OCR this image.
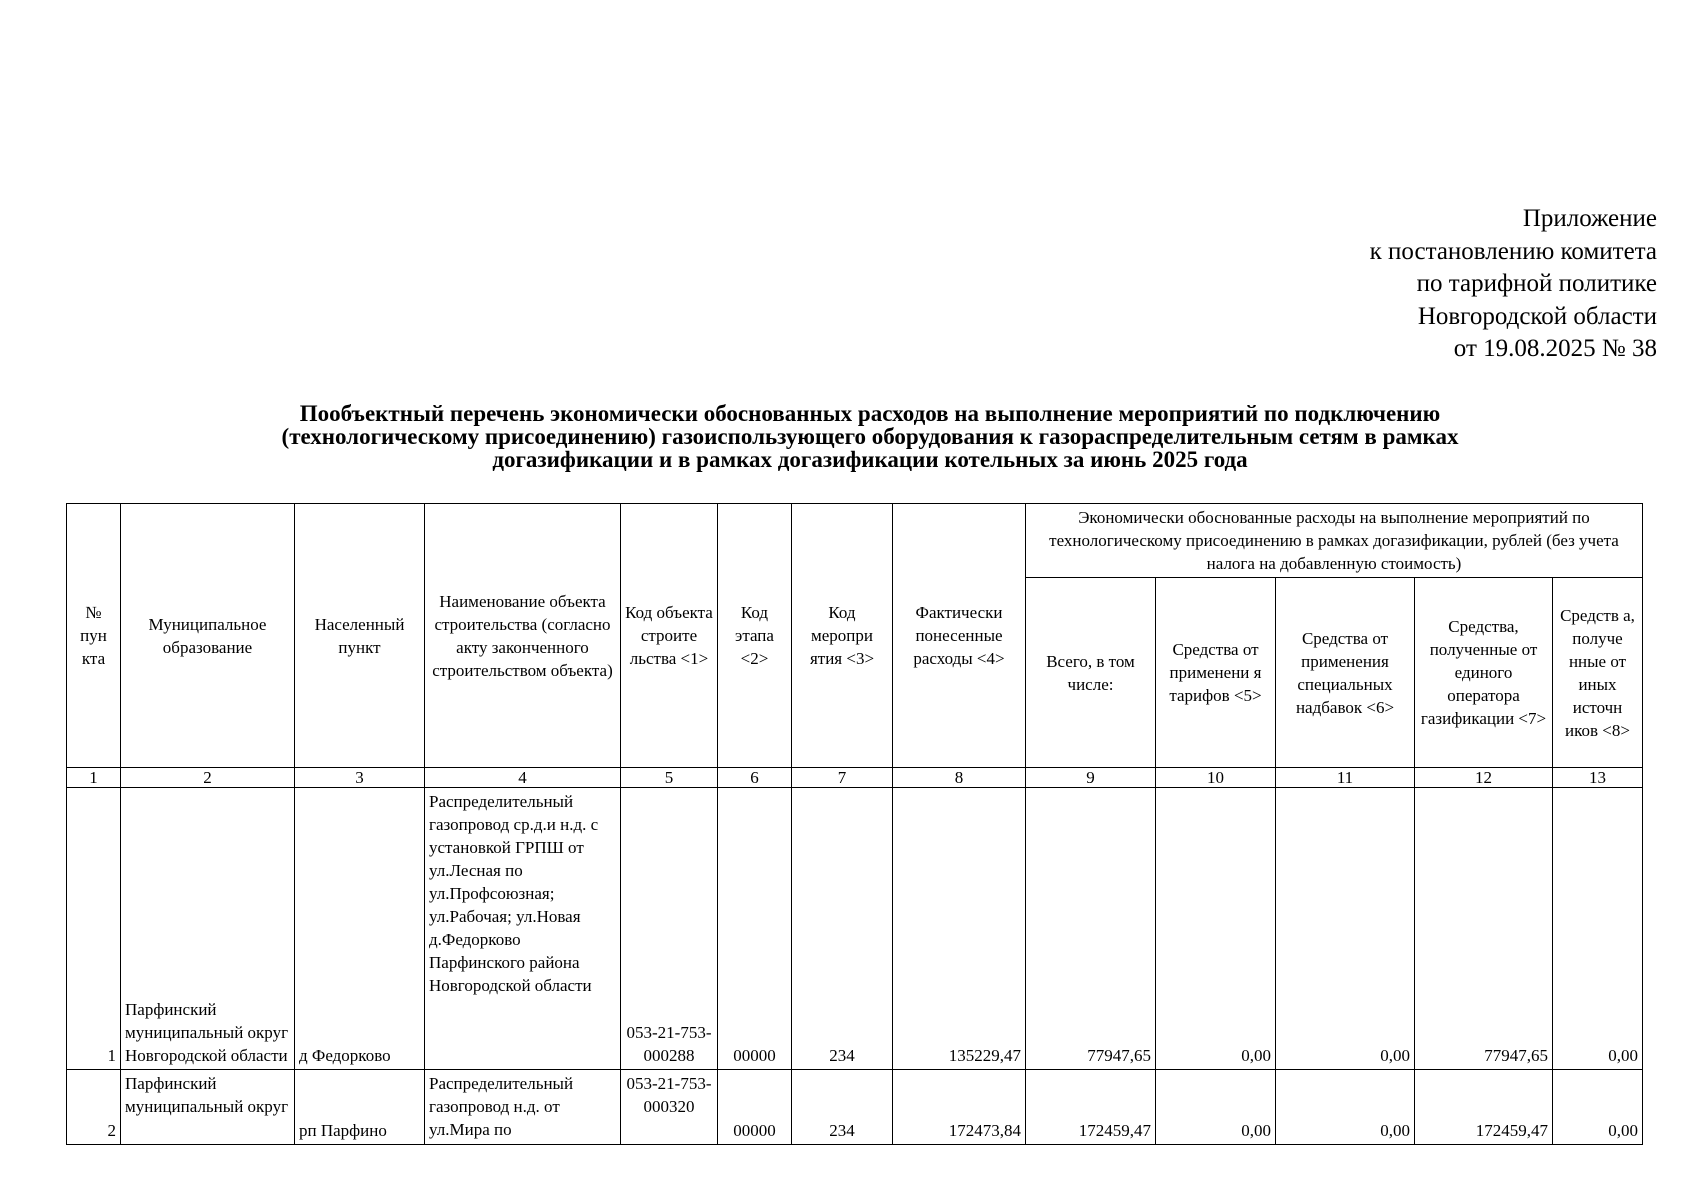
Приложение
к постановлению комитета
по тарифной политике
Новгородской области
от 19.08.2025 № 38
Пообъектный перечень экономически обоснованных расходов на выполнение мероприятий по подключению
(технологическому присоединению) газоиспользующего оборудования к газораспределительным сетям в рамках
догазификации и в рамках догазификации котельных за июнь 2025 года
№ пун кта	Муниципальное образование	Населенный пункт	Наименование объекта строительства (согласно акту законченного строительством объекта)	Код объекта строите льства <1>	Код этапа <2>	Код меропри ятия <3>	Фактически понесенные расходы <4>	Экономически обоснованные расходы на выполнение мероприятий по технологическому присоединению в рамках догазификации, рублей (без учета налога на добавленную стоимость)				
								Всего, в том числе:	Средства от применени я тарифов <5>	Средства от применения специальных надбавок <6>	Средства, полученные от единого оператора газификации <7>	Средств а, получе нные от иных источн иков <8>
1	2	3	4	5	6	7	8	9	10	11	12	13
1	Парфинский муниципальный округ Новгородской области	д Федорково	Распределительный газопровод ср.д.и н.д. с установкой ГРПШ от ул.Лесная по ул.Профсоюзная; ул.Рабочая; ул.Новая д.Федорково Парфинского района Новгородской области	053-21-753-000288	00000	234	135229,47	77947,65	0,00	0,00	77947,65	0,00
2	Парфинский муниципальный округ	рп Парфино	Распределительный газопровод н.д. от ул.Мира по	053-21-753-000320	00000	234	172473,84	172459,47	0,00	0,00	172459,47	0,00
